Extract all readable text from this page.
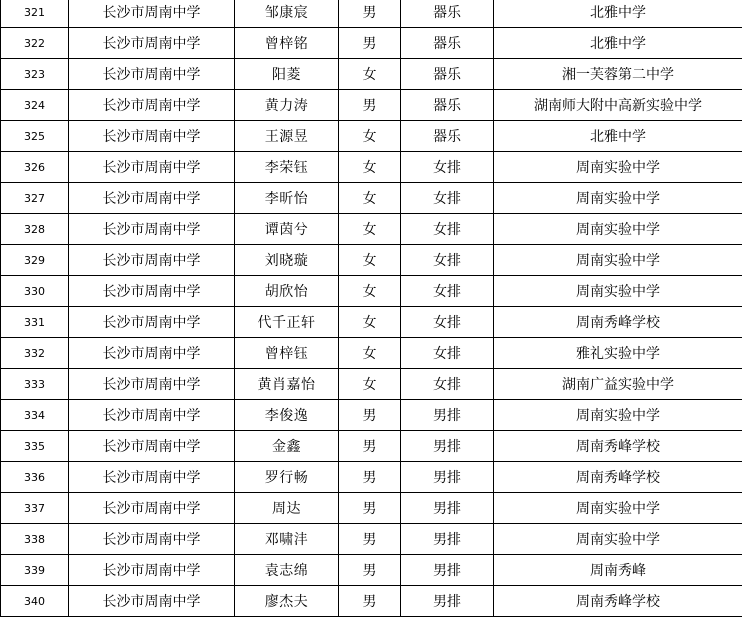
321	长沙市周南中学	邹康宸	男	器乐	北雅中学
322	长沙市周南中学	曾梓铭	男	器乐	北雅中学
323	长沙市周南中学	阳菱	女	器乐	湘一芙蓉第二中学
324	长沙市周南中学	黄力涛	男	器乐	湖南师大附中高新实验中学
325	长沙市周南中学	王源昱	女	器乐	北雅中学
326	长沙市周南中学	李荣钰	女	女排	周南实验中学
327	长沙市周南中学	李昕怡	女	女排	周南实验中学
328	长沙市周南中学	谭茵兮	女	女排	周南实验中学
329	长沙市周南中学	刘晓璇	女	女排	周南实验中学
330	长沙市周南中学	胡欣怡	女	女排	周南实验中学
331	长沙市周南中学	代千正轩	女	女排	周南秀峰学校
332	长沙市周南中学	曾梓钰	女	女排	雅礼实验中学
333	长沙市周南中学	黄肖嘉怡	女	女排	湖南广益实验中学
334	长沙市周南中学	李俊逸	男	男排	周南实验中学
335	长沙市周南中学	金鑫	男	男排	周南秀峰学校
336	长沙市周南中学	罗行畅	男	男排	周南秀峰学校
337	长沙市周南中学	周达	男	男排	周南实验中学
338	长沙市周南中学	邓啸沣	男	男排	周南实验中学
339	长沙市周南中学	袁志绵	男	男排	周南秀峰
340	长沙市周南中学	廖杰夫	男	男排	周南秀峰学校
